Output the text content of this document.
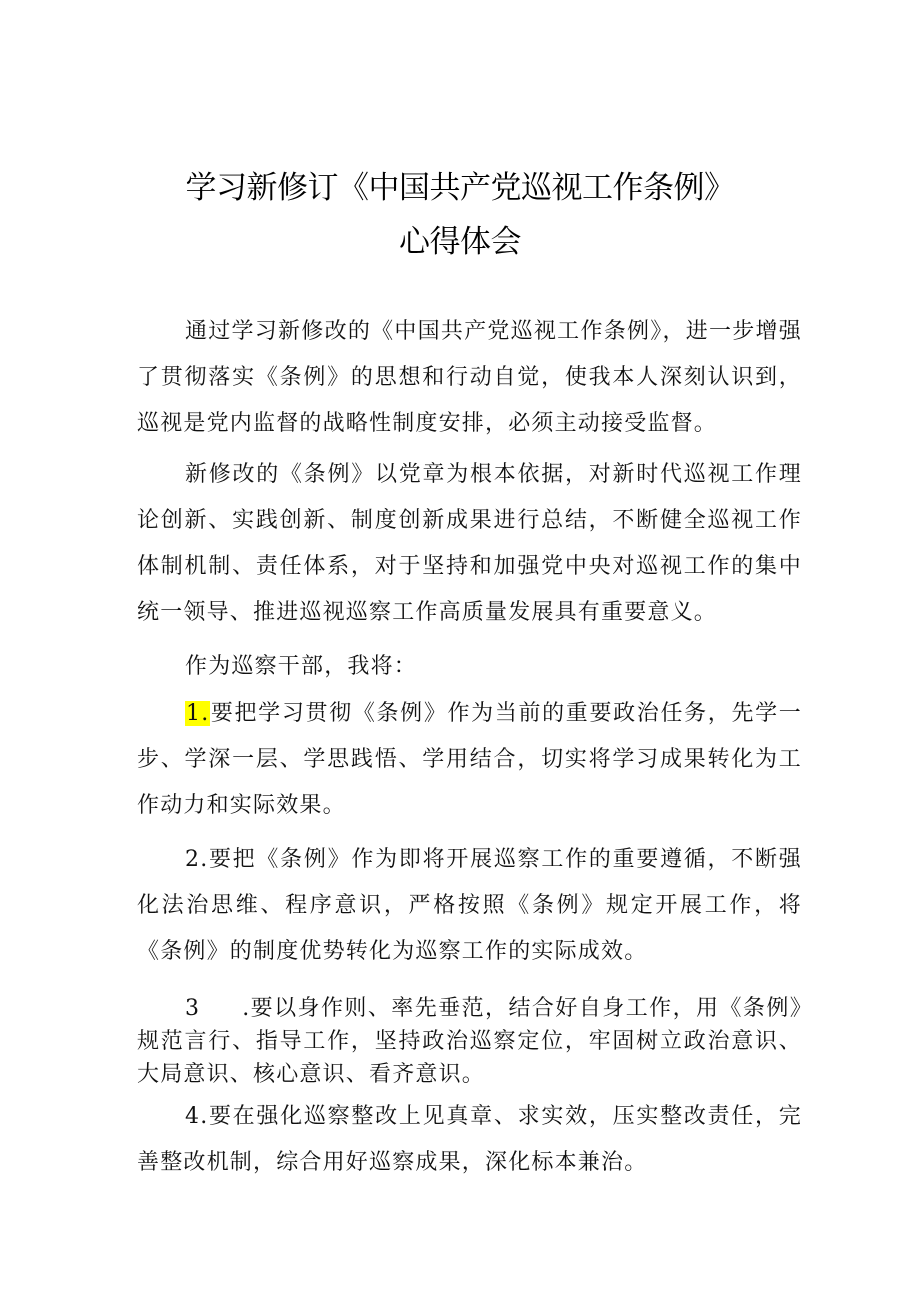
学习新修订《中国共产党巡视工作条例》
心得体会
通过学习新修改的《中国共产党巡视工作条例》，进一步增强了贯彻落实《条例》的思想和行动自觉，使我本人深刻认识到，巡视是党内监督的战略性制度安排，必须主动接受监督。
新修改的《条例》以党章为根本依据，对新时代巡视工作理论创新、实践创新、制度创新成果进行总结，不断健全巡视工作体制机制、责任体系，对于坚持和加强党中央对巡视工作的集中统一领导、推进巡视巡察工作高质量发展具有重要意义。
作为巡察干部，我将：
1.要把学习贯彻《条例》作为当前的重要政治任务，先学一步、学深一层、学思践悟、学用结合，切实将学习成果转化为工作动力和实际效果。
2.要把《条例》作为即将开展巡察工作的重要遵循，不断强化法治思维、程序意识，严格按照《条例》规定开展工作，将《条例》的制度优势转化为巡察工作的实际成效。
3 .要以身作则、率先垂范，结合好自身工作，用《条例》规范言行、指导工作，坚持政治巡察定位，牢固树立政治意识、大局意识、核心意识、看齐意识。
4.要在强化巡察整改上见真章、求实效，压实整改责任，完善整改机制，综合用好巡察成果，深化标本兼治。
